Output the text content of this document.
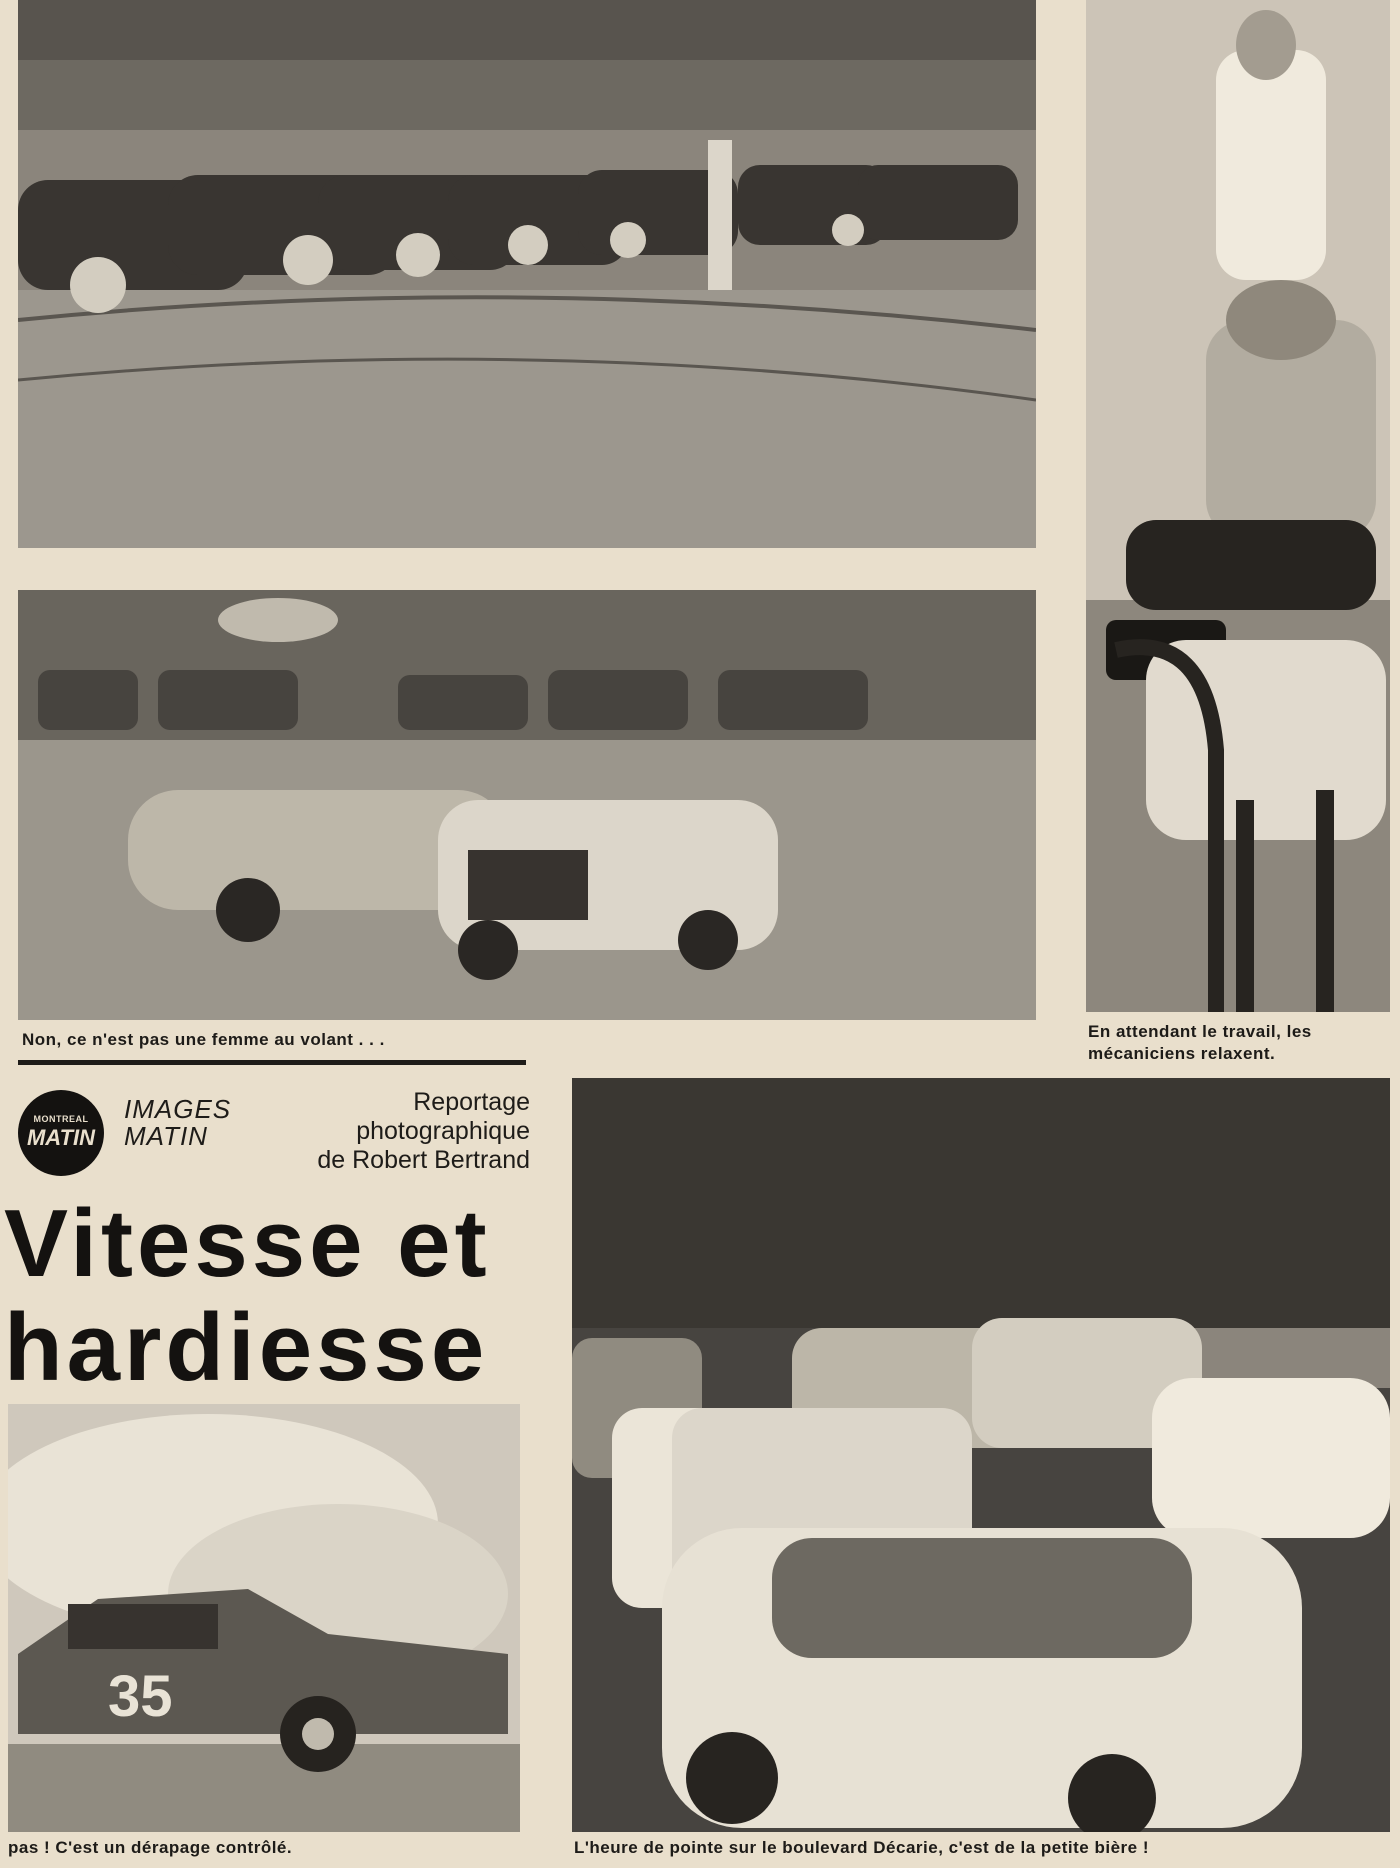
Non, ce n'est pas une femme au volant . . .	En attendant le travail, les
mécaniciens relaxent.
MONTREAL
MATIN
IMAGES
MATIN
Reportage
photographique
de Robert Bertrand
Vitesse et
hardiesse
35
pas ! C'est un dérapage contrôlé.	L'heure de pointe sur le boulevard Décarie, c'est de la petite bière !
